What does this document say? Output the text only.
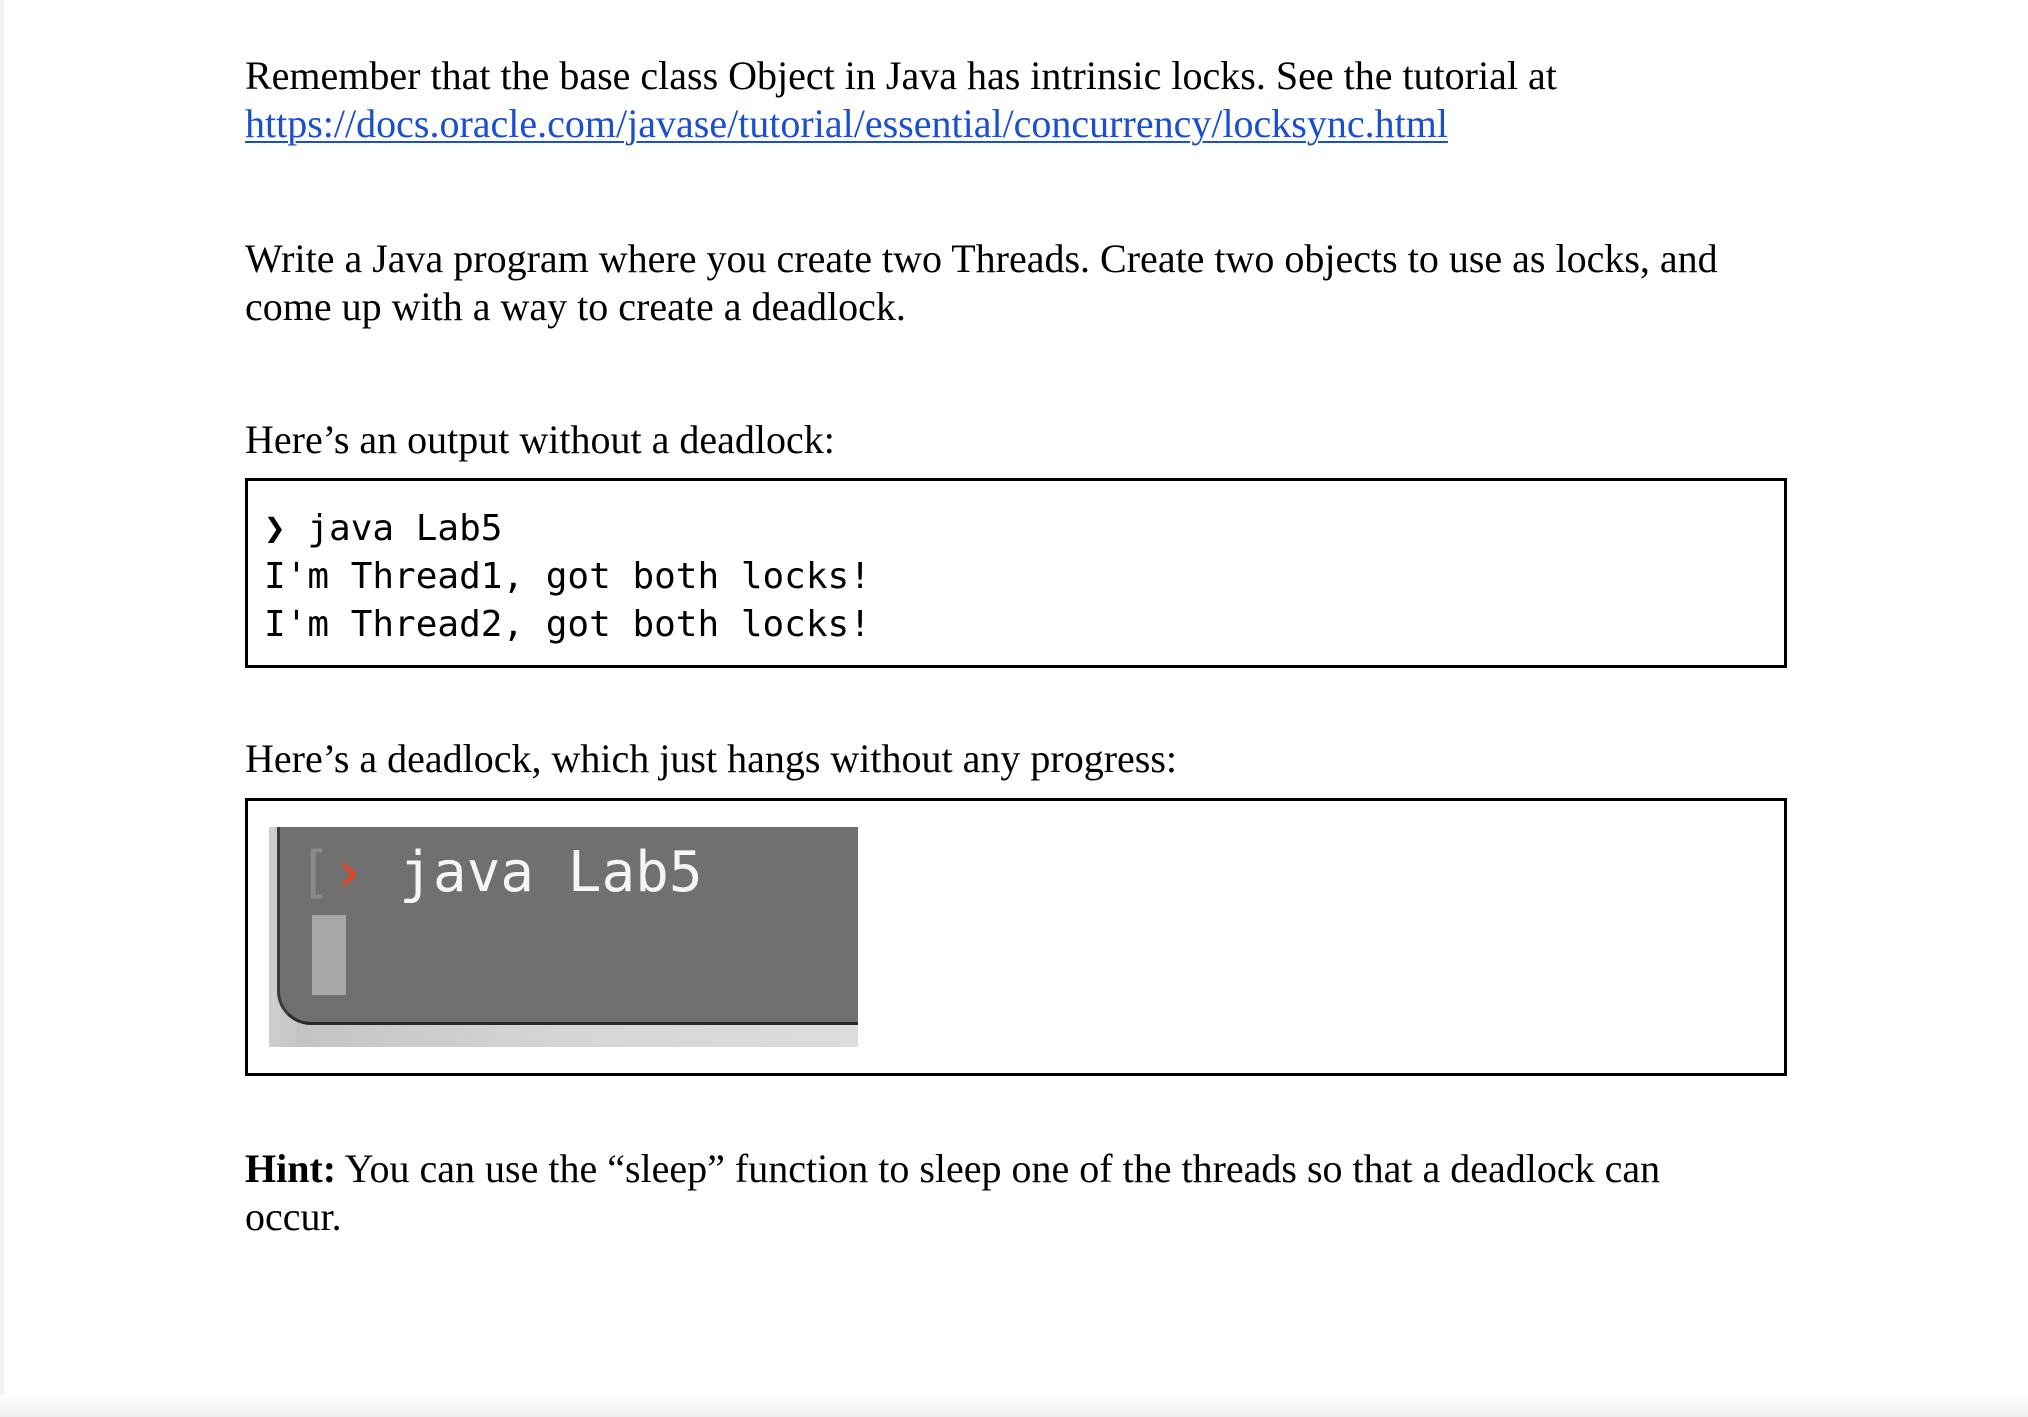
Remember that the base class Object in Java has intrinsic locks. See the tutorial at
https://docs.oracle.com/javase/tutorial/essential/concurrency/locksync.html

Write a Java program where you create two Threads. Create two objects to use as locks, and
come up with a way to create a deadlock.

Here’s an output without a deadlock:

❯ java Lab5
I'm Thread1, got both locks!
I'm Thread2, got both locks!

Here’s a deadlock, which just hangs without any progress:

[› java Lab5

Hint: You can use the “sleep” function to sleep one of the threads so that a deadlock can
occur.
